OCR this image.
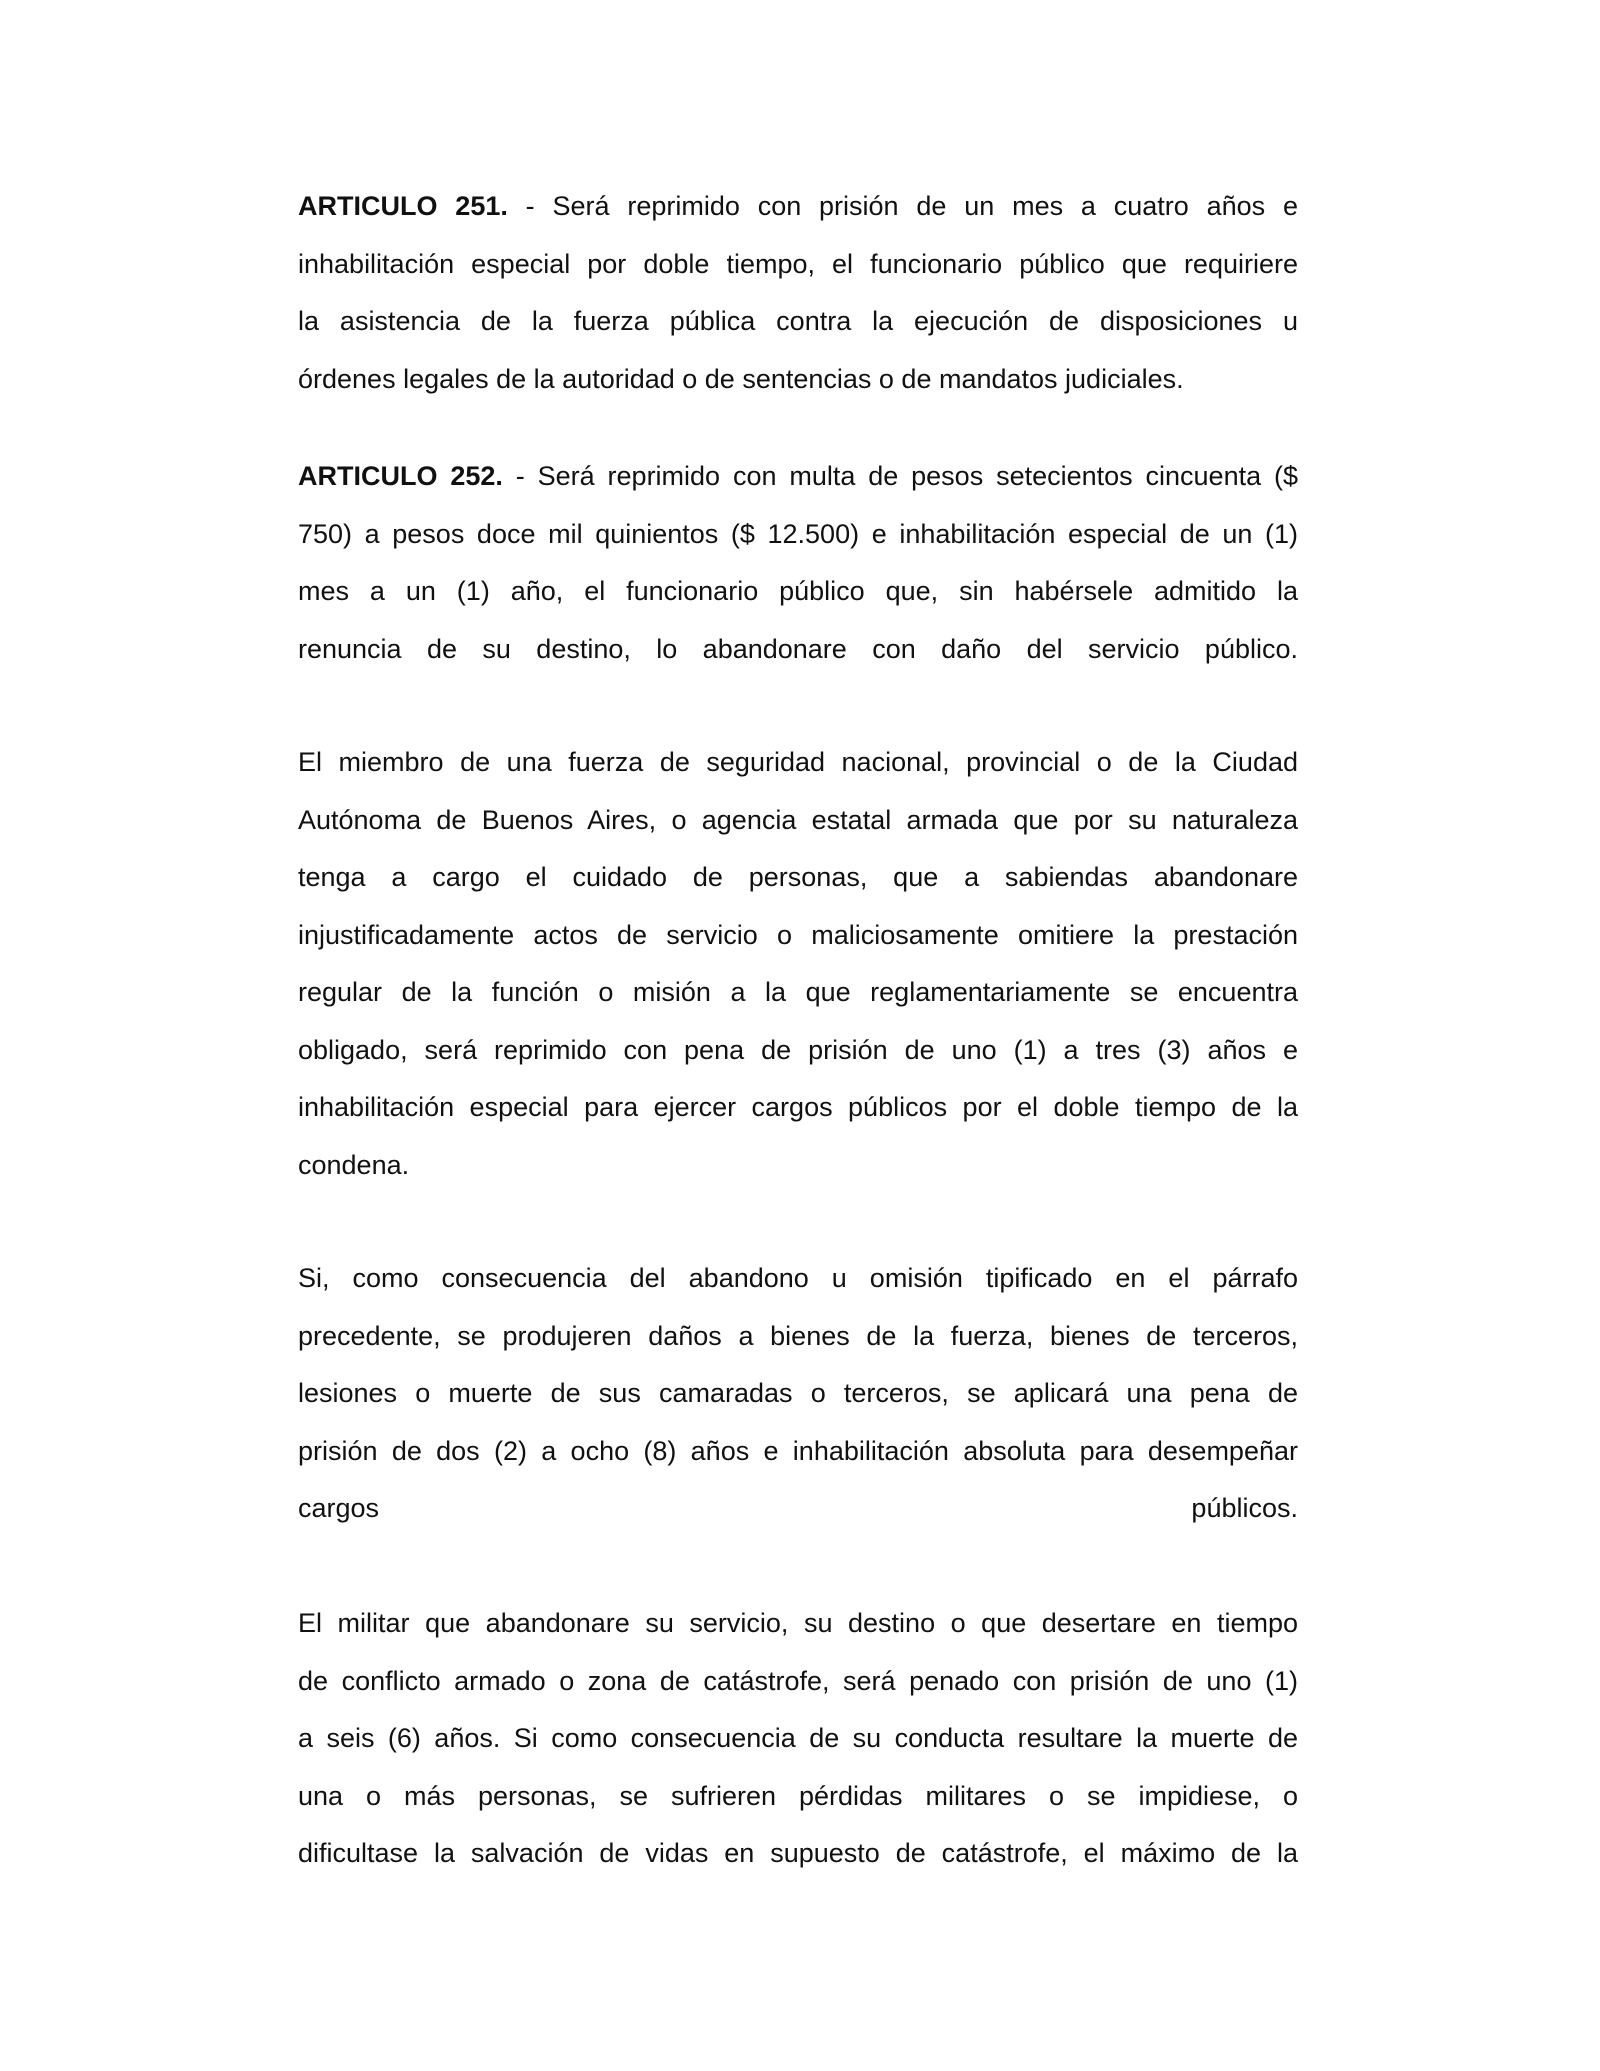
ARTICULO 251. - Será reprimido con prisión de un mes a cuatro años e
inhabilitación especial por doble tiempo, el funcionario público que requiriere
la asistencia de la fuerza pública contra la ejecución de disposiciones u
órdenes legales de la autoridad o de sentencias o de mandatos judiciales.
ARTICULO 252. - Será reprimido con multa de pesos setecientos cincuenta ($
750) a pesos doce mil quinientos ($ 12.500) e inhabilitación especial de un (1)
mes a un (1) año, el funcionario público que, sin habérsele admitido la
renuncia de su destino, lo abandonare con daño del servicio público.
El miembro de una fuerza de seguridad nacional, provincial o de la Ciudad
Autónoma de Buenos Aires, o agencia estatal armada que por su naturaleza
tenga a cargo el cuidado de personas, que a sabiendas abandonare
injustificadamente actos de servicio o maliciosamente omitiere la prestación
regular de la función o misión a la que reglamentariamente se encuentra
obligado, será reprimido con pena de prisión de uno (1) a tres (3) años e
inhabilitación especial para ejercer cargos públicos por el doble tiempo de la
condena.
Si, como consecuencia del abandono u omisión tipificado en el párrafo
precedente, se produjeren daños a bienes de la fuerza, bienes de terceros,
lesiones o muerte de sus camaradas o terceros, se aplicará una pena de
prisión de dos (2) a ocho (8) años e inhabilitación absoluta para desempeñar
cargos públicos.
El militar que abandonare su servicio, su destino o que desertare en tiempo
de conflicto armado o zona de catástrofe, será penado con prisión de uno (1)
a seis (6) años. Si como consecuencia de su conducta resultare la muerte de
una o más personas, se sufrieren pérdidas militares o se impidiese, o
dificultase la salvación de vidas en supuesto de catástrofe, el máximo de la
